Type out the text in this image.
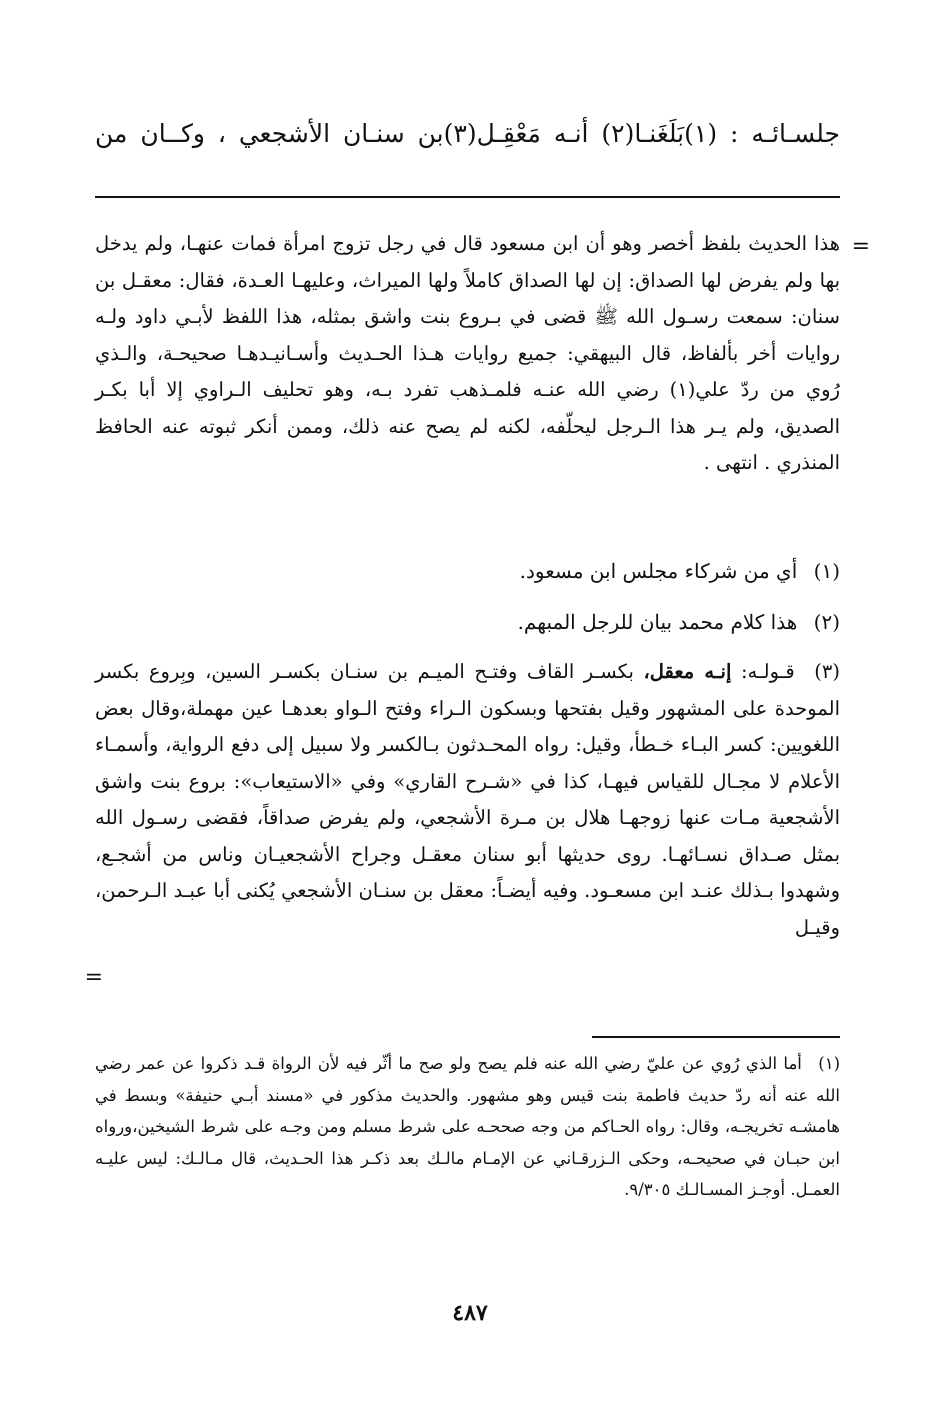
جلسـائـه : (١)بَلَغَنـا(٢) أنـه مَعْقِـل(٣)بن سنـان الأشجعي ، وكــان من
=

هذا الحديث بلفظ أخصر وهو أن ابن مسعود قال في رجل تزوج امرأة فمات عنهـا، ولم يدخل بها ولم يفرض لها الصداق: إن لها الصداق كاملاً ولها الميراث، وعليهـا العـدة، فقال: معقـل بن سنان: سمعت رسـول الله ﷺ قضى في بـروع بنت واشق بمثله، هذا اللفظ لأبـي داود ولـه روايات أخر بألفاظ، قال البيهقي: جميع روايات هـذا الحـديث وأسـانيـدهـا صحيحـة، والـذي رُوي من ردّ علي(١) رضي الله عنـه فلمـذهب تفرد بـه، وهو تحليف الـراوي إلا أبا بكـر الصديق، ولم يـر هذا الـرجل ليحلّفه، لكنه لم يصح عنه ذلك، وممن أنكر ثبوته عنه الحافظ المنذري . انتهى .

(١) أي من شركاء مجلس ابن مسعود.

(٢) هذا كلام محمد بيان للرجل المبهم.

(٣) قـولـه: إنـه معقل، بكسـر القاف وفتـح الميـم بن سنـان بكسـر السين، وبِروع بكسر الموحدة على المشهور وقيل بفتحها وبسكون الـراء وفتح الـواو بعدهـا عين مهملة،وقال بعض اللغويين: كسر البـاء خـطأ، وقيل: رواه المحـدثون بـالكسر ولا سبيل إلى دفع الرواية، وأسمـاء الأعلام لا مجـال للقياس فيهـا، كذا في «شـرح القاري» وفي «الاستيعاب»: بروع بنت واشق الأشجعية مـات عنها زوجهـا هلال بن مـرة الأشجعي، ولم يفرض صداقاً، فقضى رسـول الله بمثل صـداق نسـائهـا. روى حديثها أبو سنان معقـل وجراح الأشجعيـان وناس من أشجـع، وشهدوا بـذلك عنـد ابن مسعـود. وفيه أيضـاً: معقل بن سنـان الأشجعي يُكنى أبا عبـد الـرحمن، وقيـل

=

(١) أما الذي رُوي عن عليّ رضي الله عنه فلم يصح ولو صح ما أثّر فيه لأن الرواة قـد ذكروا عن عمر رضي الله عنه أنه ردّ حديث فاطمة بنت قيس وهو مشهور. والحديث مذكور في «مسند أبـي حنيفة» وبسط في هامشـه تخريجـه، وقال: رواه الحـاكم من وجه صححـه على شرط مسلم ومن وجـه على شرط الشيخين،ورواه ابن حبـان في صحيحـه، وحكى الـزرقـاني عن الإمـام مالـك بعد ذكـر هذا الحـديث، قال مـالـك: ليس عليـه العمـل. أوجـز المسـالـك ٩/٣٠٥.

٤٨٧
